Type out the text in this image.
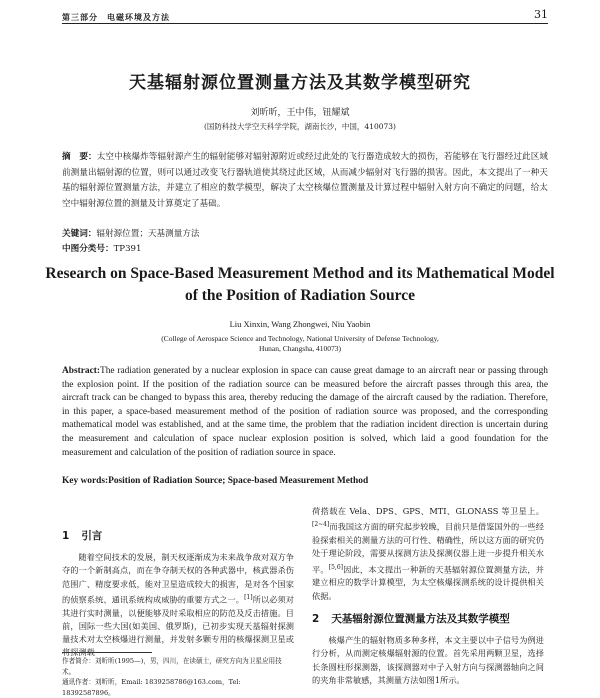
第三部分　电磁环境及方法	31
天基辐射源位置测量方法及其数学模型研究
刘昕昕，王中伟，钮耀斌
(国防科技大学空天科学学院，湖南长沙，中国，410073)
摘　要：太空中核爆炸等辐射源产生的辐射能够对辐射源附近或经过此处的飞行器造成较大的损伤，若能够在飞行器经过此区域前测量出辐射源的位置，则可以通过改变飞行器轨道使其绕过此区域，从而减少辐射对飞行器的损害。因此，本文提出了一种天基的辐射源位置测量方法，并建立了相应的数学模型，解决了太空核爆位置测量及计算过程中辐射入射方向不确定的问题，给太空中辐射源位置的测量及计算奠定了基础。
关键词：辐射源位置；天基测量方法
中图分类号：TP391
Research on Space-Based Measurement Method and its Mathematical Model of the Position of Radiation Source
Liu Xinxin, Wang Zhongwei, Niu Yaobin
(College of Aerospace Science and Technology, National University of Defense Technology,
Hunan, Changsha, 410073)
Abstract:The radiation generated by a nuclear explosion in space can cause great damage to an aircraft near or passing through the explosion point. If the position of the radiation source can be measured before the aircraft passes through this area, the aircraft track can be changed to bypass this area, thereby reducing the damage of the aircraft caused by the radiation. Therefore, in this paper, a space-based measurement method of the position of radiation source was proposed, and the corresponding mathematical model was established, and at the same time, the problem that the radiation incident direction is uncertain during the measurement and calculation of space nuclear explosion position is solved, which laid a good foundation for the measurement and calculation of the position of radiation source in space.
Key words:Position of Radiation Source; Space-based Measurement Method
1 引言

随着空间技术的发展，制天权逐渐成为未来战争敌对双方争夺的一个新制高点，而在争夺制天权的各种武器中，核武器杀伤范围广、精度要求低，能对卫星造成较大的损害，是对各个国家的侦察系统、通讯系统构成威胁的重要方式之一。[1]所以必须对其进行实时测量，以便能够及时采取相应的防范及反击措施。目前，国际一些大国(如美国、俄罗斯)，已初步实现天基辐射探测量技术对太空核爆进行测量，并发射多颗专用的核爆探测卫星或将探测载

荷搭载在 Vela、DPS、GPS、MTI、GLONASS 等卫星上。[2~4]而我国这方面的研究起步较晚，目前只是借鉴国外的一些经验探索相关的测量方法的可行性、精确性，所以这方面的研究仍处于理论阶段，需要从探测方法及探测仪器上进一步提升相关水平。[5,6]因此，本文提出一种新的天基辐射源位置测量方法，并建立相应的数学计算模型，为太空核爆探测系统的设计提供相关依据。

2 天基辐射源位置测量方法及其数学模型

核爆产生的辐射物质多种多样，本文主要以中子信号为例进行分析，从而测定核爆辐射源的位置。首先采用两颗卫星，选择长条圆柱形探测器，该探测器对中子入射方向与探测器轴向之间的夹角非常敏感，其测量方法如图1所示。

作者简介：刘昕昕(1995—)，男，四川，在读硕士，研究方向为卫星应用技术。

通讯作者：刘昕昕，Email: 1839258786@163.com，Tel: 18392587896。
